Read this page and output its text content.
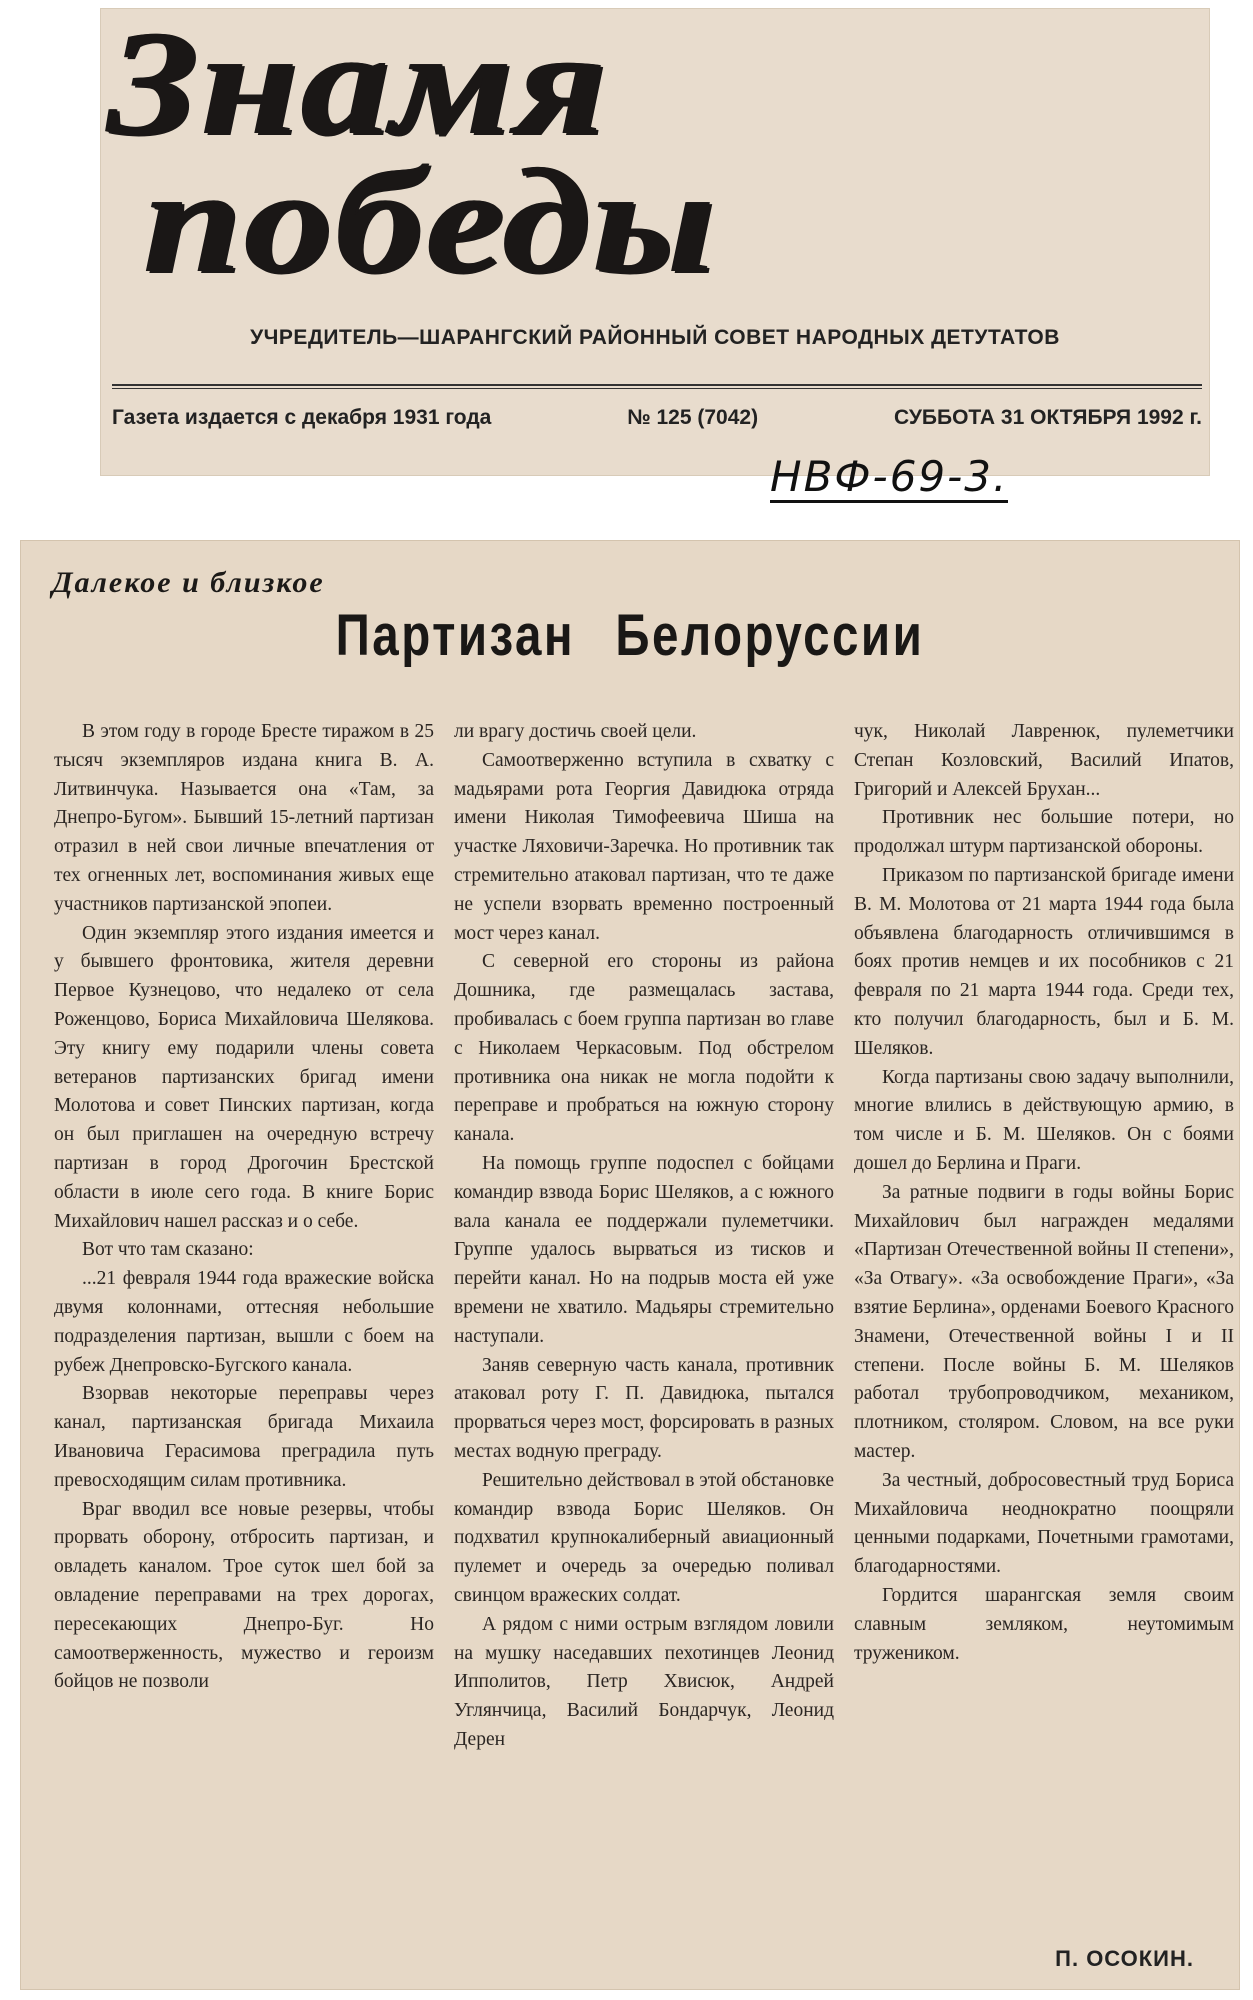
Знамя
победы
УЧРЕДИТЕЛЬ—ШАРАНГСКИЙ РАЙОННЫЙ СОВЕТ НАРОДНЫХ ДЕТУТАТОВ
Газета издается с декабря 1931 года	№ 125 (7042)	СУББОТА 31 ОКТЯБРЯ 1992 г.
НВФ-69-3.
Далекое и близкое
Партизан Белоруссии

В этом году в городе Бресте тиражом в 25 тысяч экземпляров издана книга В. А. Литвинчука. Называется она «Там, за Днепро-Бугом». Бывший 15-летний партизан отразил в ней свои личные впечатления от тех огненных лет, воспоминания живых еще участников партизанской эпопеи.

Один экземпляр этого издания имеется и у бывшего фронтовика, жителя деревни Первое Кузнецово, что недалеко от села Роженцово, Бориса Михайловича Шелякова. Эту книгу ему подарили члены совета ветеранов партизанских бригад имени Молотова и совет Пинских партизан, когда он был приглашен на очередную встречу партизан в город Дрогочин Брестской области в июле сего года. В книге Борис Михайлович нашел рассказ и о себе.

Вот что там сказано:

...21 февраля 1944 года вражеские войска двумя колоннами, оттесняя небольшие подразделения партизан, вышли с боем на рубеж Днепровско-Бугского канала.

Взорвав некоторые переправы через канал, партизанская бригада Михаила Ивановича Герасимова преградила путь превосходящим силам противника.

Враг вводил все новые резервы, чтобы прорвать оборону, отбросить партизан, и овладеть каналом. Трое суток шел бой за овладение переправами на трех дорогах, пересекающих Днепро-Буг. Но самоотверженность, мужество и героизм бойцов не позволи

ли врагу достичь своей цели.

Самоотверженно вступила в схватку с мадьярами рота Георгия Давидюка отряда имени Николая Тимофеевича Шиша на участке Ляховичи-Заречка. Но противник так стремительно атаковал партизан, что те даже не успели взорвать временно построенный мост через канал.

С северной его стороны из района Дошника, где размещалась застава, пробивалась с боем группа партизан во главе с Николаем Черкасовым. Под обстрелом противника она никак не могла подойти к переправе и пробраться на южную сторону канала.

На помощь группе подоспел с бойцами командир взвода Борис Шеляков, а с южного вала канала ее поддержали пулеметчики. Группе удалось вырваться из тисков и перейти канал. Но на подрыв моста ей уже времени не хватило. Мадьяры стремительно наступали.

Заняв северную часть канала, противник атаковал роту Г. П. Давидюка, пытался прорваться через мост, форсировать в разных местах водную преграду.

Решительно действовал в этой обстановке командир взвода Борис Шеляков. Он подхватил крупнокалиберный авиационный пулемет и очередь за очередью поливал свинцом вражеских солдат.

А рядом с ними острым взглядом ловили на мушку наседавших пехотинцев Леонид Ипполитов, Петр Хвисюк, Андрей Углянчица, Василий Бондарчук, Леонид Дерен

чук, Николай Лавренюк, пулеметчики Степан Козловский, Василий Ипатов, Григорий и Алексей Брухан...

Противник нес большие потери, но продолжал штурм партизанской обороны.

Приказом по партизанской бригаде имени В. М. Молотова от 21 марта 1944 года была объявлена благодарность отличившимся в боях против немцев и их пособников с 21 февраля по 21 марта 1944 года. Среди тех, кто получил благодарность, был и Б. М. Шеляков.

Когда партизаны свою задачу выполнили, многие влились в действующую армию, в том числе и Б. М. Шеляков. Он с боями дошел до Берлина и Праги.

За ратные подвиги в годы войны Борис Михайлович был награжден медалями «Партизан Отечественной войны II степени», «За Отвагу». «За освобождение Праги», «За взятие Берлина», орденами Боевого Красного Знамени, Отечественной войны I и II степени. После войны Б. М. Шеляков работал трубопроводчиком, механиком, плотником, столяром. Словом, на все руки мастер.

За честный, добросовестный труд Бориса Михайловича неоднократно поощряли ценными подарками, Почетными грамотами, благодарностями.

Гордится шарангская земля своим славным земляком, неутомимым тружеником.

П. ОСОКИН.
